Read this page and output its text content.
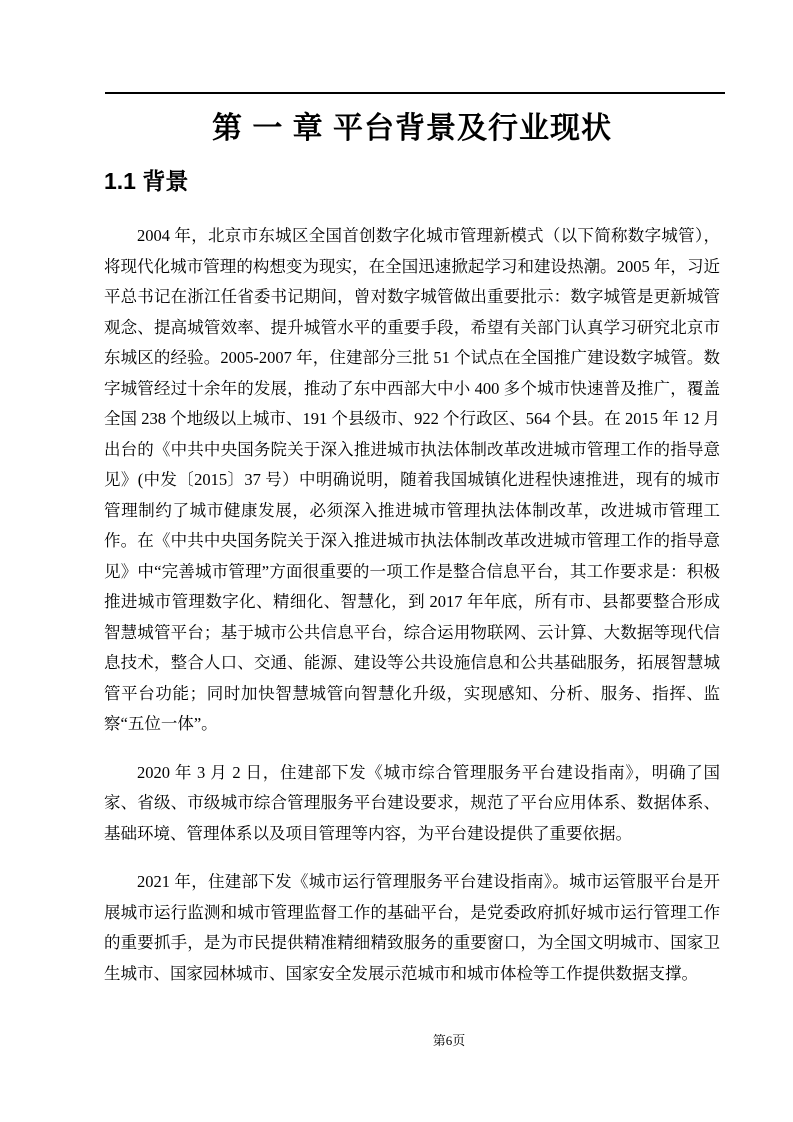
第 一 章 平台背景及行业现状
1.1 背景

2004 年，北京市东城区全国首创数字化城市管理新模式（以下简称数字城管），将现代化城市管理的构想变为现实，在全国迅速掀起学习和建设热潮。2005 年，习近平总书记在浙江任省委书记期间，曾对数字城管做出重要批示：数字城管是更新城管观念、提高城管效率、提升城管水平的重要手段，希望有关部门认真学习研究北京市东城区的经验。2005-2007 年，住建部分三批 51 个试点在全国推广建设数字城管。数字城管经过十余年的发展，推动了东中西部大中小 400 多个城市快速普及推广，覆盖全国 238 个地级以上城市、191 个县级市、922 个行政区、564 个县。在 2015 年 12 月出台的《中共中央国务院关于深入推进城市执法体制改革改进城市管理工作的指导意见》(中发〔2015〕37 号）中明确说明，随着我国城镇化进程快速推进，现有的城市管理制约了城市健康发展，必须深入推进城市管理执法体制改革，改进城市管理工作。在《中共中央国务院关于深入推进城市执法体制改革改进城市管理工作的指导意见》中“完善城市管理”方面很重要的一项工作是整合信息平台，其工作要求是：积极推进城市管理数字化、精细化、智慧化，到 2017 年年底，所有市、县都要整合形成智慧城管平台；基于城市公共信息平台，综合运用物联网、云计算、大数据等现代信息技术，整合人口、交通、能源、建设等公共设施信息和公共基础服务，拓展智慧城管平台功能；同时加快智慧城管向智慧化升级，实现感知、分析、服务、指挥、监察“五位一体”。

2020 年 3 月 2 日，住建部下发《城市综合管理服务平台建设指南》，明确了国家、省级、市级城市综合管理服务平台建设要求，规范了平台应用体系、数据体系、基础环境、管理体系以及项目管理等内容，为平台建设提供了重要依据。

2021 年，住建部下发《城市运行管理服务平台建设指南》。城市运管服平台是开展城市运行监测和城市管理监督工作的基础平台，是党委政府抓好城市运行管理工作的重要抓手，是为市民提供精准精细精致服务的重要窗口，为全国文明城市、国家卫生城市、国家园林城市、国家安全发展示范城市和城市体检等工作提供数据支撑。

第6页
